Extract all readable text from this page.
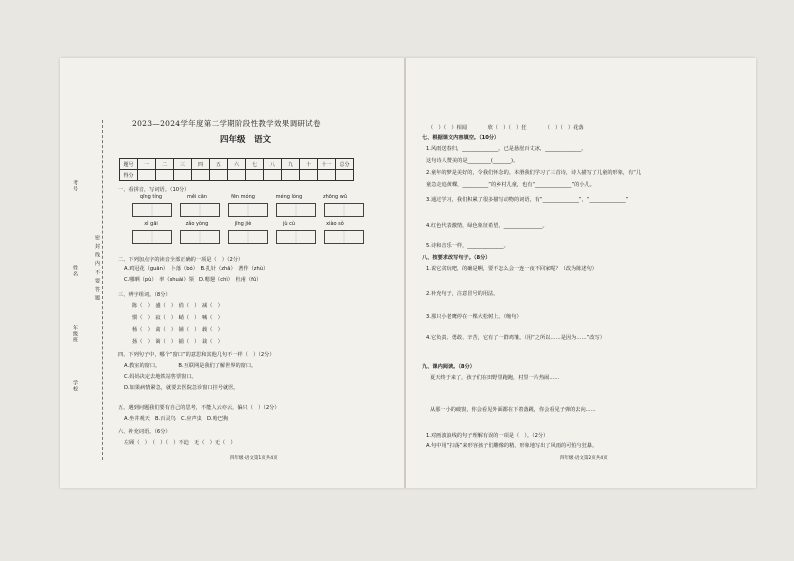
考号
姓名
年级班
学校
密 封 线 内 不 要 答 题
2023—2024学年度第二学期阶段性教学效果调研试卷
四年级　语文
题号	一	二	三	四	五	六	七	八	九	十	十一	总分
得分												
一、看拼音，写词语。（10分）
qīng tíng	měi cān	fēn móng	méng lóng	zhōng wǔ
xì gāi	zǎo yòng	jīng jiè	jù cù	xiào sǒ
二、下列加点字的读音全部正确的一项是（　）（2分）
A.鸡冠花（guān）　卜落（bó）　B.扎针（zhā）　著作（zhù）
C.哪晒（pù）　率（shuài）领　D.嗯翅（chì）　杜甫（fǔ）
三、辨字组词。（8分）
陈（　）　盛（　）　俏（　）　减（　）
惯（　）　寂（　）　峭（　）　喊（　）
杨（　）　禽（　）　铺（　）　载（　）
扬（　）　篱（　）　捕（　）　栽（　）
四、下列句子中，哪个“窗口”的意思和其他几句不一样（　）（2分）
A.教室的窗口。　　　　B.互联网是我们了解世界的窗口。
C.妈妈决定去地铁站售票窗口。
D.如果病情紧急，就要去医院急诊窗口挂号就医。
五、遇到问题我们要有自己的思考，不能人云亦云，偏只（　）（2分）
A.坐井观天　B.百灵鸟　C.应声虫　D.哈巴狗
六、补充词语。（6分）
左顾（　）　（　）（　）不迫　无（　）无（　）
四年级·语文第1页共4页
（　）（　）相闻　　　　欣（　）（　）狂　　　　（　）（　）花落
七、根据课文内容填空。（10分）
1.风雨送春归，______________。已是悬崖百丈冰，______________。
这句诗人赞美的是_________(_______)。
2.童年的梦是美好的，令我们怀念的。本册我们学习了三首诗，诗人描写了儿童的形象，有“儿
童急走追黄蝶，__________”的乡村儿童，也有“______________”的小儿。
3.通过学习，我们积累了很多描写动物的词语，有“______________”，“______________”
4.红色代表激情，绿色象征希望，_______________。
5.诗和音乐一样，______________。
八、按要求改写句子。（8分）
1.说它贪玩吧，的确是啊，要不怎么会一连一夜不回家呢？（改为陈述句）
2.补充句子，注意冒号的用法。
3.那只小老鹰停在一棵大松树上。（缩句）
4.它负责、勇敢、辛苦，它有了一群鸡雏。（用“之所以……是因为……”改写）
九、课内阅读。（8分）
夏天终于来了，孩子们在田野里跑跑，村里一片热闹......
从那一小的破窗，你会看见外面都在下着落跳，你会看见子弹的去向......
1.对画波浪线的句子理解有误的一项是（　）。（2分）
A.句中用“扫荡”来形容孩子们雕像的精，形象地写出了风雨的可怕与狂暴。
四年级·语文第2页共4页
